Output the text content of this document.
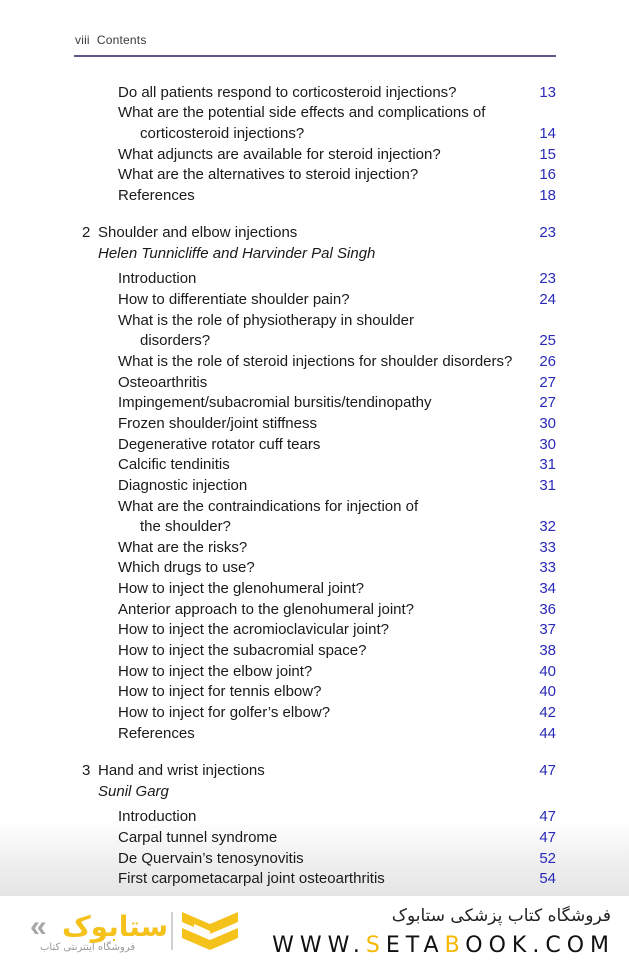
viii Contents
Do all patients respond to corticosteroid injections?	13
What are the potential side effects and complications of
corticosteroid injections?	14
What adjuncts are available for steroid injection?	15
What are the alternatives to steroid injection?	16
References	18
2 Shoulder and elbow injections	23
Helen Tunnicliffe and Harvinder Pal Singh
Introduction	23
How to differentiate shoulder pain?	24
What is the role of physiotherapy in shoulder
disorders?	25
What is the role of steroid injections for shoulder disorders? 26
Osteoarthritis	27
Impingement/subacromial bursitis/tendinopathy	27
Frozen shoulder/joint stiffness	30
Degenerative rotator cuff tears	30
Calcific tendinitis	31
Diagnostic injection	31
What are the contraindications for injection of
the shoulder?	32
What are the risks?	33
Which drugs to use?	33
How to inject the glenohumeral joint?	34
Anterior approach to the glenohumeral joint?	36
How to inject the acromioclavicular joint?	37
How to inject the subacromial space?	38
How to inject the elbow joint?	40
How to inject for tennis elbow?	40
How to inject for golfer’s elbow?	42
References	44
3 Hand and wrist injections	47
Sunil Garg
Introduction	47
Carpal tunnel syndrome	47
De Quervain’s tenosynovitis	52
First carpometacarpal joint osteoarthritis	54
« ستابوک
فروشگاه اینترنتی کتاب
فروشگاه کتاب پزشکی ستابوک
WWW.SETABOOK.COM
